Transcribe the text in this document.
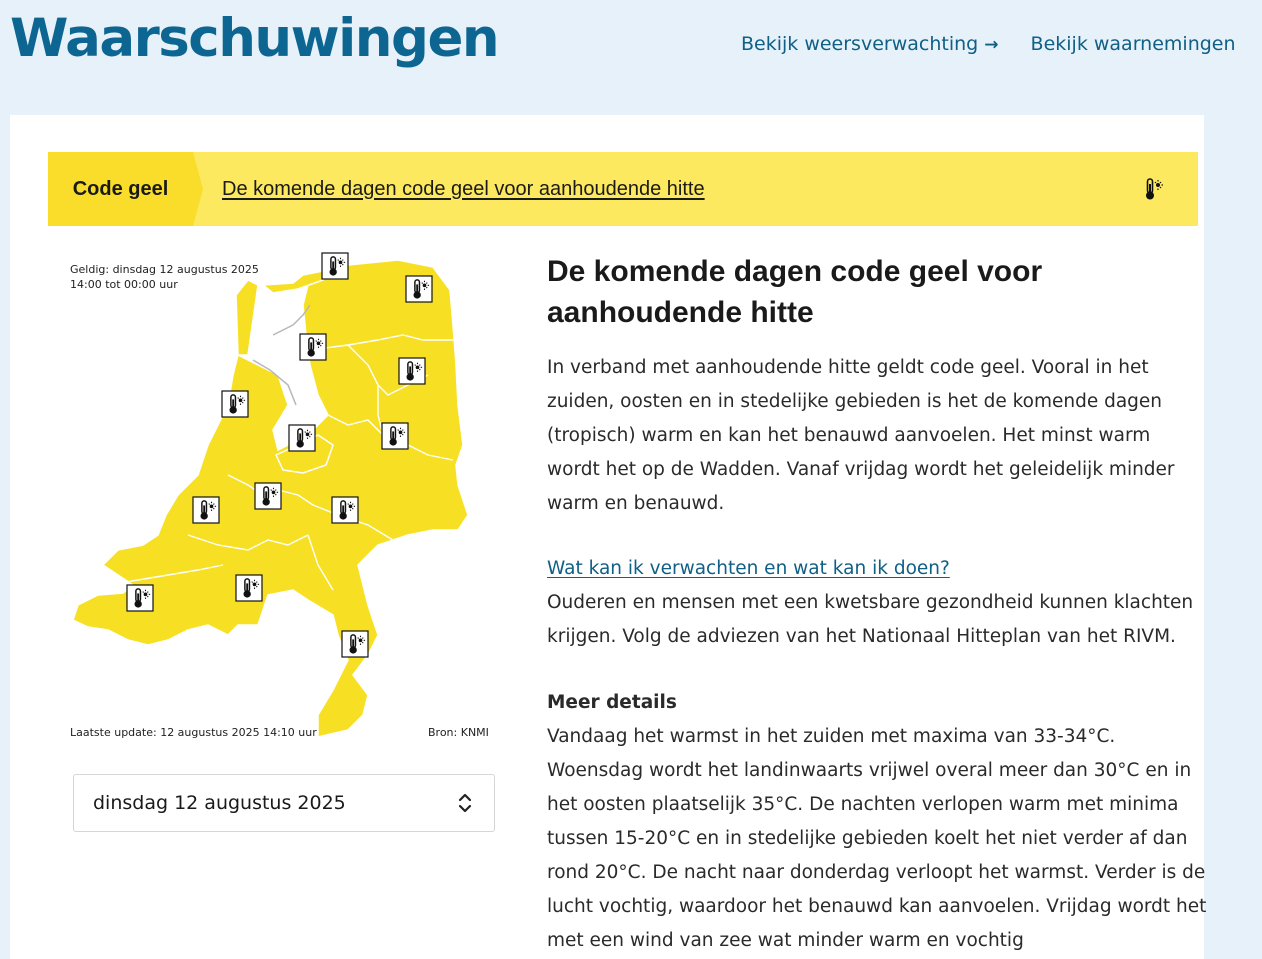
Waarschuwingen	Bekijk weersverwachting → Bekijk waarnemingen
Code geel	De komende dagen code geel voor aanhoudende hitte
Geldig: dinsdag 12 augustus 2025
14:00 tot 00:00 uur
Laatste update: 12 augustus 2025 14:10 uur	Bron: KNMI
dinsdag 12 augustus 2025
De komende dagen code geel voor aanhoudende hitte

In verband met aanhoudende hitte geldt code geel. Vooral in het zuiden, oosten en in stedelijke gebieden is het de komende dagen (tropisch) warm en kan het benauwd aanvoelen. Het minst warm wordt het op de Wadden. Vanaf vrijdag wordt het geleidelijk minder warm en benauwd.

Wat kan ik verwachten en wat kan ik doen?

Ouderen en mensen met een kwetsbare gezondheid kunnen klachten krijgen. Volg de adviezen van het Nationaal Hitteplan van het RIVM.

Meer details

Vandaag het warmst in het zuiden met maxima van 33-34°C. Woensdag wordt het landinwaarts vrijwel overal meer dan 30°C en in het oosten plaatselijk 35°C. De nachten verlopen warm met minima tussen 15-20°C en in stedelijke gebieden koelt het niet verder af dan rond 20°C. De nacht naar donderdag verloopt het warmst. Verder is de lucht vochtig, waardoor het benauwd kan aanvoelen. Vrijdag wordt het met een wind van zee wat minder warm en vochtig
